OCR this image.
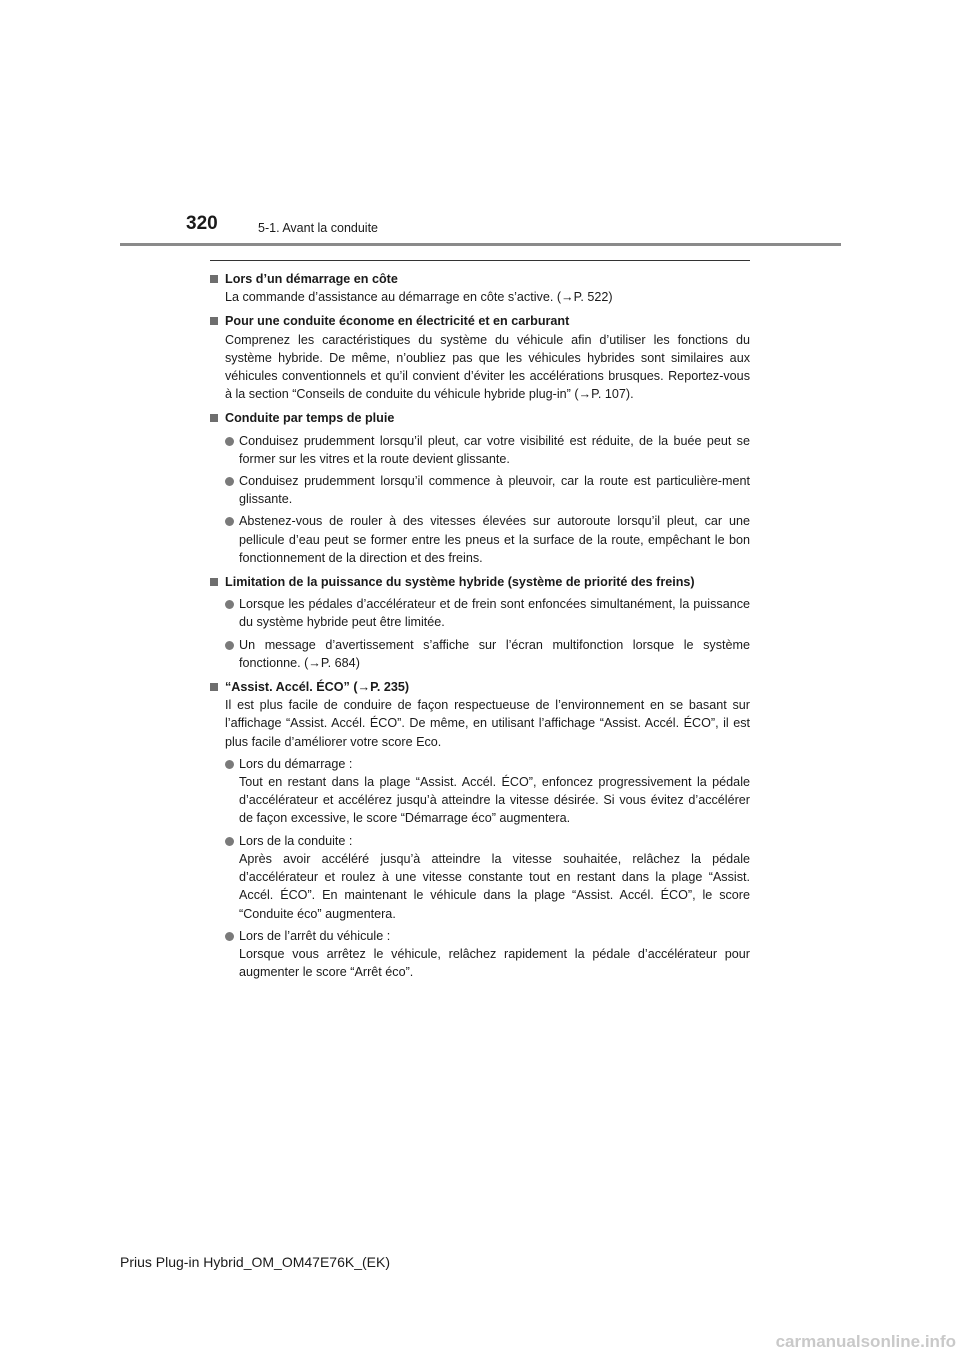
320	5-1. Avant la conduite
Lors d’un démarrage en côte
La commande d’assistance au démarrage en côte s’active. (→P. 522)
Pour une conduite économe en électricité et en carburant
Comprenez les caractéristiques du système du véhicule afin d’utiliser les fonctions du système hybride. De même, n’oubliez pas que les véhicules hybrides sont similaires aux véhicules conventionnels et qu’il convient d’éviter les accélérations brusques. Reportez-vous à la section “Conseils de conduite du véhicule hybride plug-in” (→P. 107).
Conduite par temps de pluie
Conduisez prudemment lorsqu’il pleut, car votre visibilité est réduite, de la buée peut se former sur les vitres et la route devient glissante.
Conduisez prudemment lorsqu’il commence à pleuvoir, car la route est particulière-ment glissante.
Abstenez-vous de rouler à des vitesses élevées sur autoroute lorsqu’il pleut, car une pellicule d’eau peut se former entre les pneus et la surface de la route, empêchant le bon fonctionnement de la direction et des freins.
Limitation de la puissance du système hybride (système de priorité des freins)
Lorsque les pédales d’accélérateur et de frein sont enfoncées simultanément, la puissance du système hybride peut être limitée.
Un message d’avertissement s’affiche sur l’écran multifonction lorsque le système fonctionne. (→P. 684)
“Assist. Accél. ÉCO” (→P. 235)
Il est plus facile de conduire de façon respectueuse de l’environnement en se basant sur l’affichage “Assist. Accél. ÉCO”. De même, en utilisant l’affichage “Assist. Accél. ÉCO”, il est plus facile d’améliorer votre score Eco.
Lors du démarrage :
Tout en restant dans la plage “Assist. Accél. ÉCO”, enfoncez progressivement la pédale d’accélérateur et accélérez jusqu’à atteindre la vitesse désirée. Si vous évitez d’accélérer de façon excessive, le score “Démarrage éco” augmentera.
Lors de la conduite :
Après avoir accéléré jusqu’à atteindre la vitesse souhaitée, relâchez la pédale d’accélérateur et roulez à une vitesse constante tout en restant dans la plage “Assist. Accél. ÉCO”. En maintenant le véhicule dans la plage “Assist. Accél. ÉCO”, le score “Conduite éco” augmentera.
Lors de l’arrêt du véhicule :
Lorsque vous arrêtez le véhicule, relâchez rapidement la pédale d’accélérateur pour augmenter le score “Arrêt éco”.
Prius Plug-in Hybrid_OM_OM47E76K_(EK)
carmanualsonline.info
